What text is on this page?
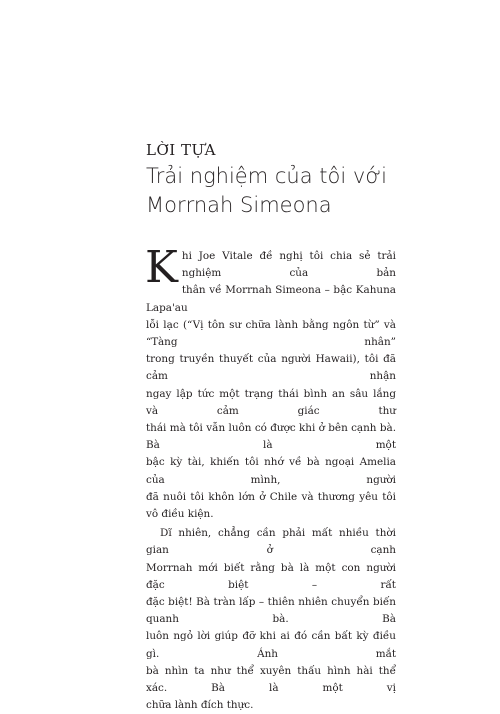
LỜI TỰA
Trải nghiệm của tôi với
Morrnah Simeona
K hi Joe Vitale đề nghị tôi chia sẻ trải nghiệm của bản
thân về Morrnah Simeona – bậc Kahuna Lapa'au
lỗi lạc (“Vị tôn sư chữa lành bằng ngôn từ” và “Tàng nhân”
trong truyền thuyết của người Hawaii), tôi đã cảm nhận
ngay lập tức một trạng thái bình an sâu lắng và cảm giác thư
thái mà tôi vẫn luôn có được khi ở bên cạnh bà. Bà là một
bậc kỳ tài, khiến tôi nhớ về bà ngoại Amelia của mình, người
đã nuôi tôi khôn lớn ở Chile và thương yêu tôi vô điều kiện.
Dĩ nhiên, chẳng cần phải mất nhiều thời gian ở cạnh
Morrnah mới biết rằng bà là một con người đặc biệt – rất
đặc biệt! Bà tràn lấp – thiên nhiên chuyển biến quanh bà. Bà
luôn ngỏ lời giúp đỡ khi ai đó cần bất kỳ điều gì. Ánh mắt
bà nhìn ta như thể xuyên thấu hình hài thể xác. Bà là một vị
chữa lành đích thực.
